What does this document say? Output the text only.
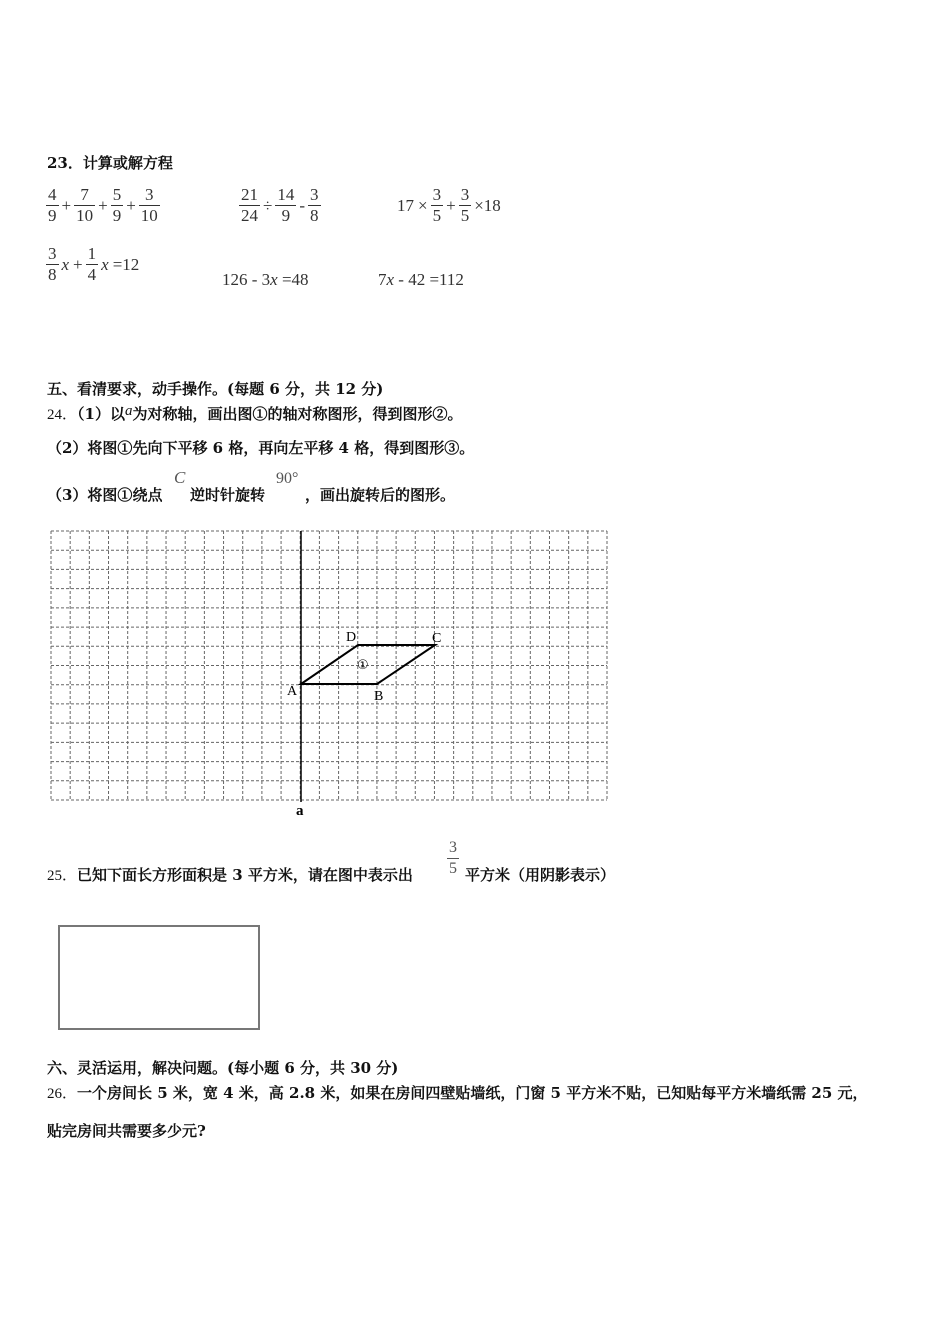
23．计算或解方程
$\frac{4}{9} + \frac{7}{10} + \frac{5}{9} + \frac{3}{10}$	$\frac{21}{24} \div \frac{14}{9} - \frac{3}{8}$	$17 \times \frac{3}{5} + \frac{3}{5} \times 18$
$\frac{3}{8}$ $x + \frac{1}{4}$ x =12
126 - 3x =48	7x - 42 =112
五、看清要求，动手操作。(每题 6 分，共 12 分)
24．（1）以a为对称轴，画出图①的轴对称图形，得到图形②。
（2）将图①先向下平移 6 格，再向左平移 4 格，得到图形③。
（3）将图①绕点
C
逆时针旋转
90°
，画出旋转后的图形。
A	B
C
D
①
a
25．已知下面长方形面积是 3 平方米，请在图中表示出 $\frac{3}{5}$ 平方米（用阴影表示）
六、灵活运用，解决问题。(每小题 6 分，共 30 分)
26．一个房间长 5 米，宽 4 米，高 2.8 米，如果在房间四壁贴墙纸，门窗 5 平方米不贴，已知贴每平方米墙纸需 25 元，
贴完房间共需要多少元?
